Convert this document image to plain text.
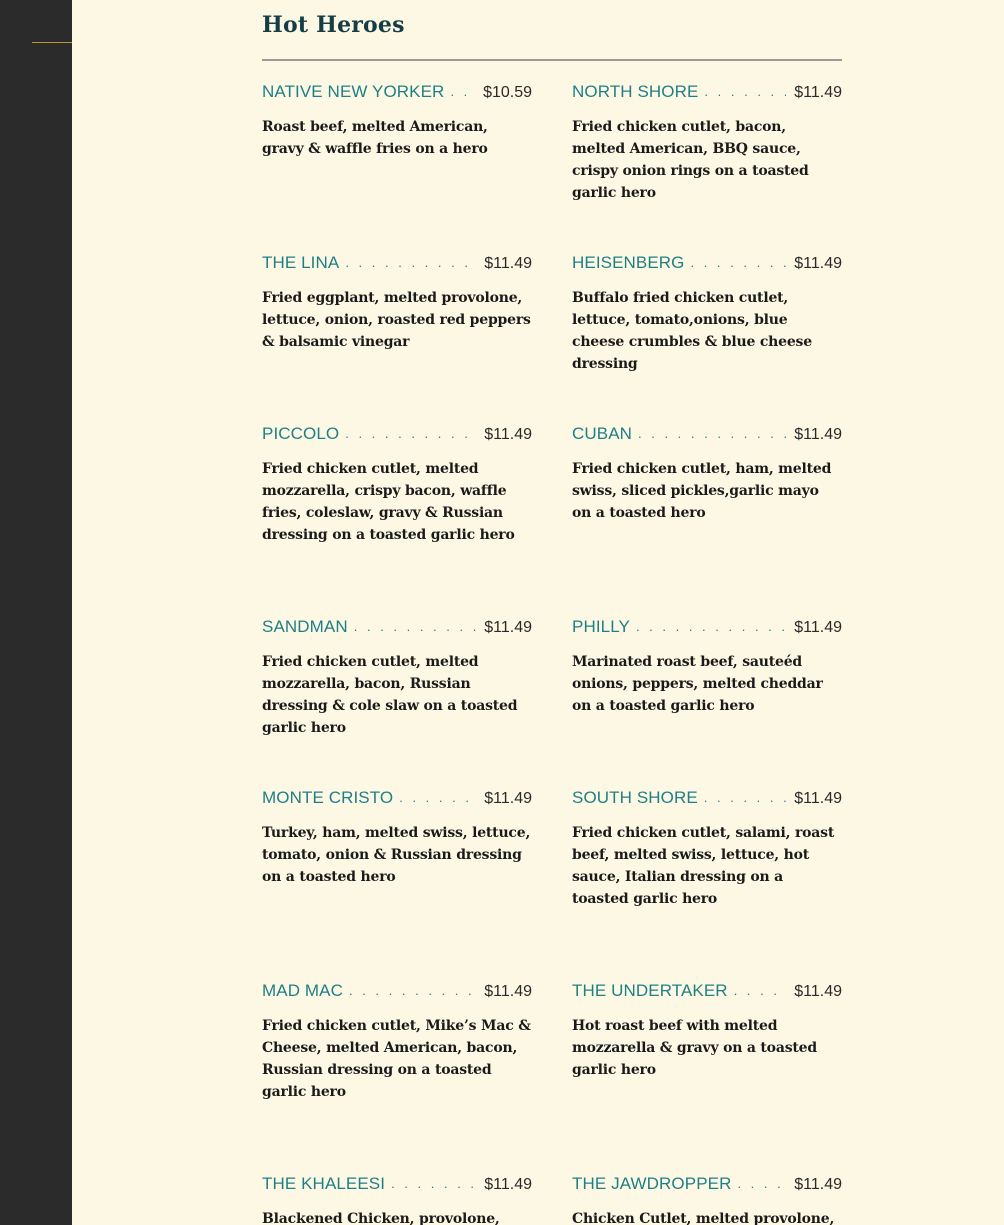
Hot Heroes
NATIVE NEW YORKER . . . $10.59

Roast beef, melted American, gravy & waffle fries on a hero

NORTH SHORE . . .	$11.49

Fried chicken cutlet, bacon, melted American, BBQ sauce, crispy onion rings on a toasted garlic hero

THE LINA . . .	$11.49

Fried eggplant, melted provolone, lettuce, onion, roasted red peppers & balsamic vinegar

HEISENBERG . . .	$11.49

Buffalo fried chicken cutlet, lettuce, tomato,onions, blue cheese crumbles & blue cheese dressing

PICCOLO . . .	$11.49

Fried chicken cutlet, melted mozzarella, crispy bacon, waffle fries, coleslaw, gravy & Russian dressing on a toasted garlic hero

CUBAN . . .	$11.49

Fried chicken cutlet, ham, melted swiss, sliced pickles,garlic mayo on a toasted hero

SANDMAN . . .	$11.49

Fried chicken cutlet, melted mozzarella, bacon, Russian dressing & cole slaw on a toasted garlic hero

PHILLY . . .	$11.49

Marinated roast beef, sauteéd onions, peppers, melted cheddar on a toasted garlic hero

MONTE CRISTO . . .	$11.49

Turkey, ham, melted swiss, lettuce, tomato, onion & Russian dressing on a toasted hero

SOUTH SHORE . . .	$11.49

Fried chicken cutlet, salami, roast beef, melted swiss, lettuce, hot sauce, Italian dressing on a toasted garlic hero

MAD MAC . . .	$11.49

Fried chicken cutlet, Mike’s Mac & Cheese, melted American, bacon, Russian dressing on a toasted garlic hero

THE UNDERTAKER . . .	$11.49

Hot roast beef with melted mozzarella & gravy on a toasted garlic hero

THE KHALEESI . . .	$11.49

Blackened Chicken, provolone,

THE JAWDROPPER . . .	$11.49

Chicken Cutlet, melted provolone,
